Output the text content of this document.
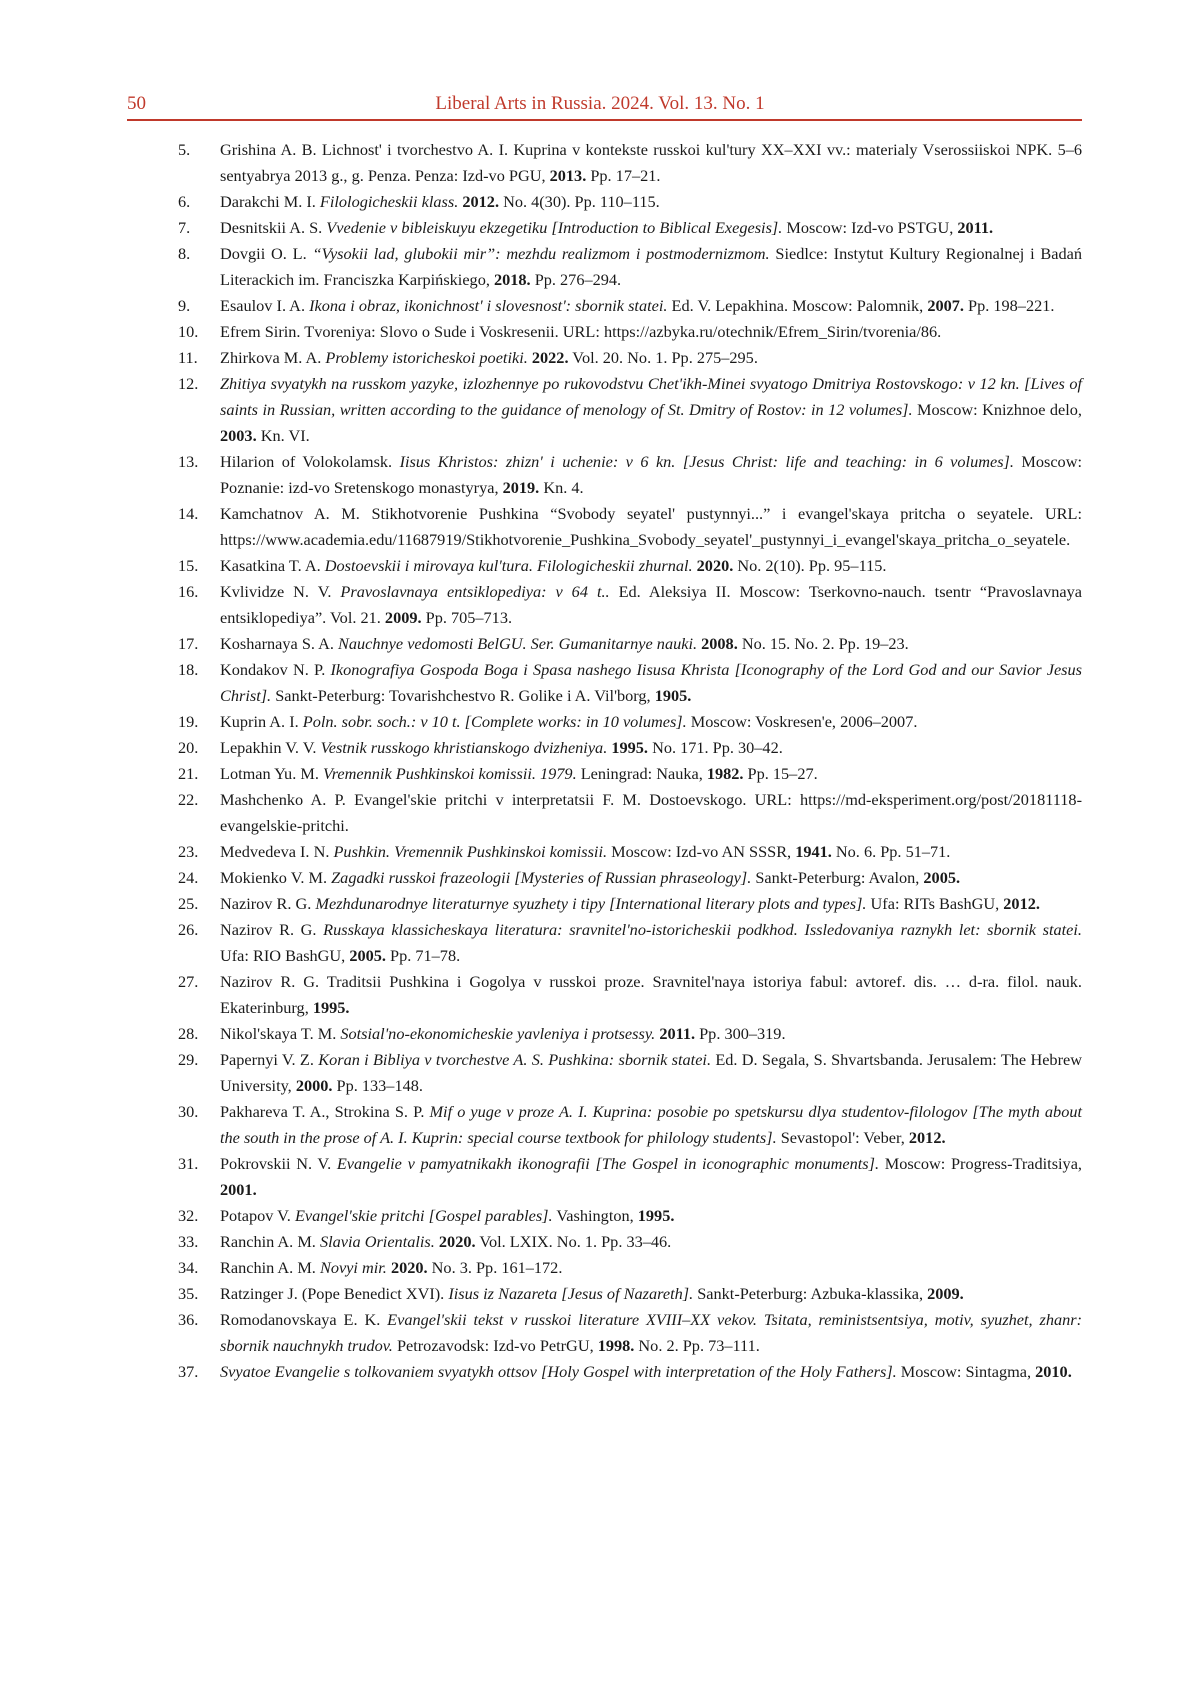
50	Liberal Arts in Russia. 2024. Vol. 13. No. 1
5.	Grishina A. B. Lichnost' i tvorchestvo A. I. Kuprina v kontekste russkoi kul'tury XX–XXI vv.: materialy Vserossiiskoi NPK. 5–6 sentyabrya 2013 g., g. Penza. Penza: Izd-vo PGU, 2013. Pp. 17–21.
6.	Darakchi M. I. Filologicheskii klass. 2012. No. 4(30). Pp. 110–115.
7.	Desnitskii A. S. Vvedenie v bibleiskuyu ekzegetiku [Introduction to Biblical Exegesis]. Moscow: Izd-vo PSTGU, 2011.
8.	Dovgii O. L. “Vysokii lad, glubokii mir”: mezhdu realizmom i postmodernizmom. Siedlce: Instytut Kultury Regionalnej i Badań Literackich im. Franciszka Karpińskiego, 2018. Pp. 276–294.
9.	Esaulov I. A. Ikona i obraz, ikonichnost' i slovesnost': sbornik statei. Ed. V. Lepakhina. Moscow: Palomnik, 2007. Pp. 198–221.
10.	Efrem Sirin. Tvoreniya: Slovo o Sude i Voskresenii. URL: https://azbyka.ru/otechnik/Efrem_Sirin/tvorenia/86.
11.	Zhirkova M. A. Problemy istoricheskoi poetiki. 2022. Vol. 20. No. 1. Pp. 275–295.
12.	Zhitiya svyatykh na russkom yazyke, izlozhennye po rukovodstvu Chet'ikh-Minei svyatogo Dmitriya Rostovskogo: v 12 kn. [Lives of saints in Russian, written according to the guidance of menology of St. Dmitry of Rostov: in 12 volumes]. Moscow: Knizhnoe delo, 2003. Kn. VI.
13.	Hilarion of Volokolamsk. Iisus Khristos: zhizn' i uchenie: v 6 kn. [Jesus Christ: life and teaching: in 6 volumes]. Moscow: Poznanie: izd-vo Sretenskogo monastyrya, 2019. Kn. 4.
14.	Kamchatnov A. M. Stikhotvorenie Pushkina “Svobody seyatel' pustynnyi...” i evangel'skaya pritcha o seyatele. URL: https://www.academia.edu/11687919/Stikhotvorenie_Pushkina_Svobody_seyatel'_pustynnyi_i_evangel'skaya_pritcha_o_seyatele.
15.	Kasatkina T. A. Dostoevskii i mirovaya kul'tura. Filologicheskii zhurnal. 2020. No. 2(10). Pp. 95–115.
16.	Kvlividze N. V. Pravoslavnaya entsiklopediya: v 64 t.. Ed. Aleksiya II. Moscow: Tserkovno-nauch. tsentr “Pravoslavnaya entsiklopediya”. Vol. 21. 2009. Pp. 705–713.
17.	Kosharnaya S. A. Nauchnye vedomosti BelGU. Ser. Gumanitarnye nauki. 2008. No. 15. No. 2. Pp. 19–23.
18.	Kondakov N. P. Ikonografiya Gospoda Boga i Spasa nashego Iisusa Khrista [Iconography of the Lord God and our Savior Jesus Christ]. Sankt-Peterburg: Tovarishchestvo R. Golike i A. Vil'borg, 1905.
19.	Kuprin A. I. Poln. sobr. soch.: v 10 t. [Complete works: in 10 volumes]. Moscow: Voskresen'e, 2006–2007.
20.	Lepakhin V. V. Vestnik russkogo khristianskogo dvizheniya. 1995. No. 171. Pp. 30–42.
21.	Lotman Yu. M. Vremennik Pushkinskoi komissii. 1979. Leningrad: Nauka, 1982. Pp. 15–27.
22.	Mashchenko A. P. Evangel'skie pritchi v interpretatsii F. M. Dostoevskogo. URL: https://md-eksperiment.org/post/20181118-evangelskie-pritchi.
23.	Medvedeva I. N. Pushkin. Vremennik Pushkinskoi komissii. Moscow: Izd-vo AN SSSR, 1941. No. 6. Pp. 51–71.
24.	Mokienko V. M. Zagadki russkoi frazeologii [Mysteries of Russian phraseology]. Sankt-Peterburg: Avalon, 2005.
25.	Nazirov R. G. Mezhdunarodnye literaturnye syuzhety i tipy [International literary plots and types]. Ufa: RITs BashGU, 2012.
26.	Nazirov R. G. Russkaya klassicheskaya literatura: sravnitel'no-istoricheskii podkhod. Issledovaniya raznykh let: sbornik statei. Ufa: RIO BashGU, 2005. Pp. 71–78.
27.	Nazirov R. G. Traditsii Pushkina i Gogolya v russkoi proze. Sravnitel'naya istoriya fabul: avtoref. dis. … d-ra. filol. nauk. Ekaterinburg, 1995.
28.	Nikol'skaya T. M. Sotsial'no-ekonomicheskie yavleniya i protsessy. 2011. Pp. 300–319.
29.	Papernyi V. Z. Koran i Bibliya v tvorchestve A. S. Pushkina: sbornik statei. Ed. D. Segala, S. Shvartsbanda. Jerusalem: The Hebrew University, 2000. Pp. 133–148.
30.	Pakhareva T. A., Strokina S. P. Mif o yuge v proze A. I. Kuprina: posobie po spetskursu dlya studentov-filologov [The myth about the south in the prose of A. I. Kuprin: special course textbook for philology students]. Sevastopol': Veber, 2012.
31.	Pokrovskii N. V. Evangelie v pamyatnikakh ikonografii [The Gospel in iconographic monuments]. Moscow: Progress-Traditsiya, 2001.
32.	Potapov V. Evangel'skie pritchi [Gospel parables]. Vashington, 1995.
33.	Ranchin A. M. Slavia Orientalis. 2020. Vol. LXIX. No. 1. Pp. 33–46.
34.	Ranchin A. M. Novyi mir. 2020. No. 3. Pp. 161–172.
35.	Ratzinger J. (Pope Benedict XVI). Iisus iz Nazareta [Jesus of Nazareth]. Sankt-Peterburg: Azbuka-klassika, 2009.
36.	Romodanovskaya E. K. Evangel'skii tekst v russkoi literature XVIII–XX vekov. Tsitata, reministsentsiya, motiv, syuzhet, zhanr: sbornik nauchnykh trudov. Petrozavodsk: Izd-vo PetrGU, 1998. No. 2. Pp. 73–111.
37.	Svyatoe Evangelie s tolkovaniem svyatykh ottsov [Holy Gospel with interpretation of the Holy Fathers]. Moscow: Sintagma, 2010.
